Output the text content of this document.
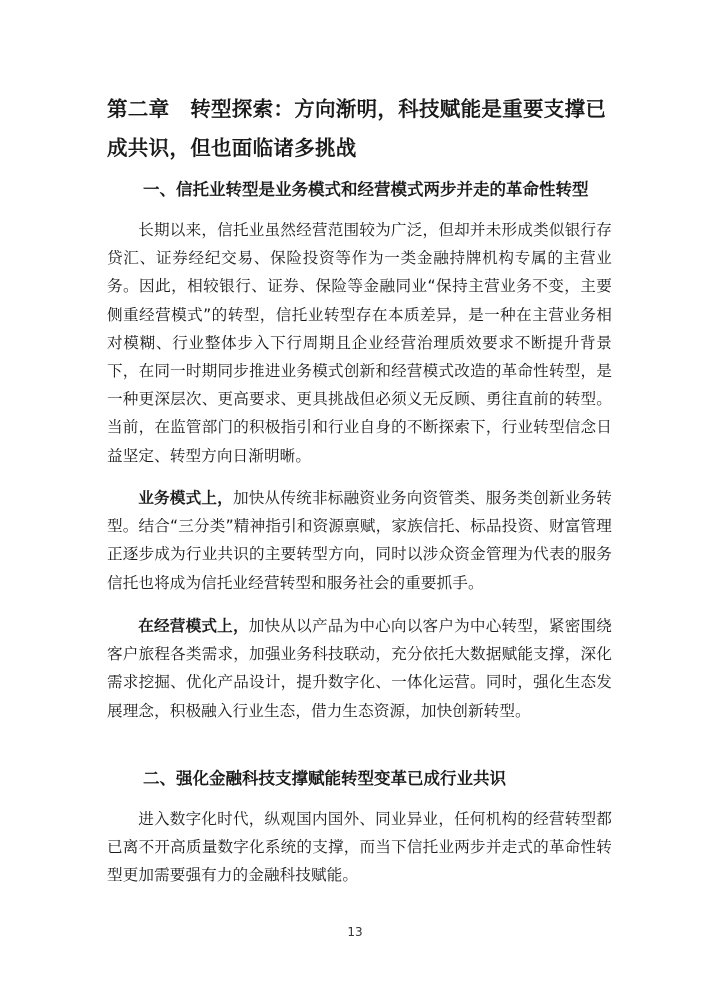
第二章　转型探索：方向渐明，科技赋能是重要支撑已成共识，但也面临诸多挑战
一、信托业转型是业务模式和经营模式两步并走的革命性转型

长期以来，信托业虽然经营范围较为广泛，但却并未形成类似银行存贷汇、证券经纪交易、保险投资等作为一类金融持牌机构专属的主营业务。因此，相较银行、证券、保险等金融同业“保持主营业务不变，主要侧重经营模式”的转型，信托业转型存在本质差异，是一种在主营业务相对模糊、行业整体步入下行周期且企业经营治理质效要求不断提升背景下，在同一时期同步推进业务模式创新和经营模式改造的革命性转型，是一种更深层次、更高要求、更具挑战但必须义无反顾、勇往直前的转型。当前，在监管部门的积极指引和行业自身的不断探索下，行业转型信念日益坚定、转型方向日渐明晰。

业务模式上，加快从传统非标融资业务向资管类、服务类创新业务转型。结合“三分类”精神指引和资源禀赋，家族信托、标品投资、财富管理正逐步成为行业共识的主要转型方向，同时以涉众资金管理为代表的服务信托也将成为信托业经营转型和服务社会的重要抓手。

在经营模式上，加快从以产品为中心向以客户为中心转型，紧密围绕客户旅程各类需求，加强业务科技联动，充分依托大数据赋能支撑，深化需求挖掘、优化产品设计，提升数字化、一体化运营。同时，强化生态发展理念，积极融入行业生态，借力生态资源，加快创新转型。

二、强化金融科技支撑赋能转型变革已成行业共识

进入数字化时代，纵观国内国外、同业异业，任何机构的经营转型都已离不开高质量数字化系统的支撑，而当下信托业两步并走式的革命性转型更加需要强有力的金融科技赋能。

13
